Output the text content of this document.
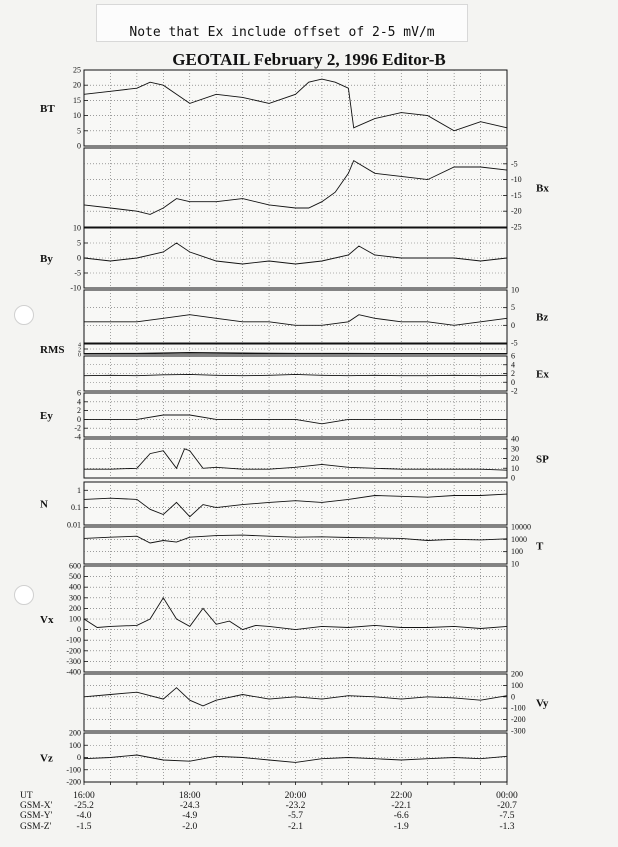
Note that Ex include offset of 2-5 mV/m
GEOTAIL February 2, 1996 Editor-B
0
5
10
15
20
25
BT
-5
-10
-15
-20
-25
Bx
10
5
0
-5
-10
By
10
5
0
-5
Bz
4
2
0
RMS	6
4
2
0
-2
Ex
6
4
2
0
-2
-4
Ey
40
30
20
10
0
SP
1
0.1
0.01
N
10000
1000
100
10
T
600
500
400
300
200
100
0
-100
-200
-300
-400
Vx
200
100
0
-100
-200
-300
Vy
200
100
0
-100
-200
Vz
UT
GSM-X'
GSM-Y'
GSM-Z'
16:00
-25.2
-4.0
-1.5
18:00
-24.3
-4.9
-2.0
20:00
-23.2
-5.7
-2.1
22:00
-22.1
-6.6
-1.9
00:00
-20.7
-7.5
-1.3
